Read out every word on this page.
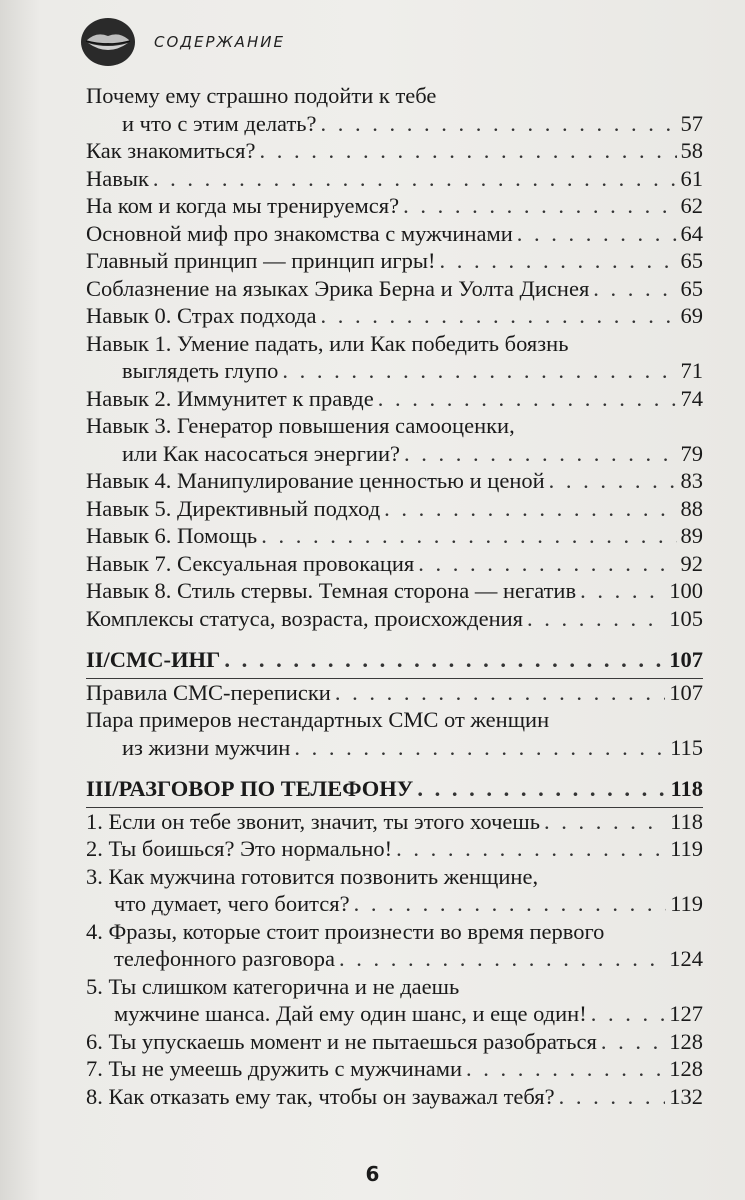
СОДЕРЖАНИЕ
Почему ему страшно подойти к тебе
и что с этим делать? . . .	57
Как знакомиться? . . .	58
Навык . . .	61
На ком и когда мы тренируемся? . . .	62
Основной миф про знакомства с мужчинами . . .	64
Главный принцип — принцип игры! . . .	65
Соблазнение на языках Эрика Берна и Уолта Диснея . . .	65
Навык 0. Страх подхода . . .	69
Навык 1. Умение падать, или Как победить боязнь
выглядеть глупо . . .	71
Навык 2. Иммунитет к правде . . .	74
Навык 3. Генератор повышения самооценки,
или Как насосаться энергии? . . .	79
Навык 4. Манипулирование ценностью и ценой . . .	83
Навык 5. Директивный подход . . .	88
Навык 6. Помощь . . .	89
Навык 7. Сексуальная провокация . . .	92
Навык 8. Стиль стервы. Темная сторона — негатив . . .	100
Комплексы статуса, возраста, происхождения . . .	105
II/СМС-ИНГ . . .	107
Правила СМС-переписки . . .	107
Пара примеров нестандартных СМС от женщин
из жизни мужчин . . .	115
III/РАЗГОВОР ПО ТЕЛЕФОНУ . . .	118
1. Если он тебе звонит, значит, ты этого хочешь . . .	118
2. Ты боишься? Это нормально! . . .	119
3. Как мужчина готовится позвонить женщине,
что думает, чего боится? . . .	119
4. Фразы, которые стоит произнести во время первого
телефонного разговора . . .	124
5. Ты слишком категорична и не даешь
мужчине шанса. Дай ему один шанс, и еще один! . . .	127
6. Ты упускаешь момент и не пытаешься разобраться . . .	128
7. Ты не умеешь дружить с мужчинами . . .	128
8. Как отказать ему так, чтобы он зауважал тебя? . . .	132
6
